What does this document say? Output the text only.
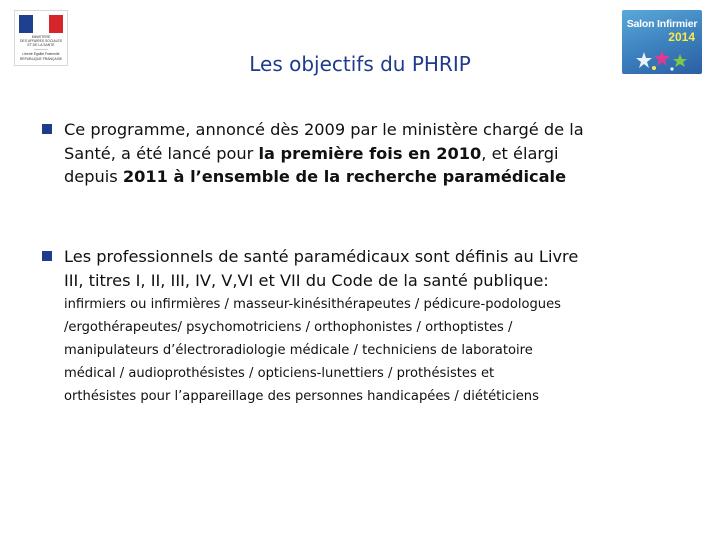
MINISTÈRE
DES AFFAIRES SOCIALES
ET DE LA SANTÉ
————
Liberté Égalité Fraternité
RÉPUBLIQUE FRANÇAISE
Salon Infirmier
2014
Les objectifs du PHRIP
Ce programme, annoncé dès 2009 par le ministère chargé de la
Santé, a été lancé pour la première fois en 2010, et élargi
depuis 2011 à l’ensemble de la recherche paramédicale
Les professionnels de santé paramédicaux sont définis au Livre
III, titres I, II, III, IV, V,VI et VII du Code de la santé publique:
infirmiers ou infirmières / masseur-kinésithérapeutes / pédicure-podologues
/ergothérapeutes/ psychomotriciens / orthophonistes / orthoptistes /
manipulateurs d’électroradiologie médicale / techniciens de laboratoire
médical / audioprothésistes / opticiens-lunettiers / prothésistes et
orthésistes pour l’appareillage des personnes handicapées / diététiciens
